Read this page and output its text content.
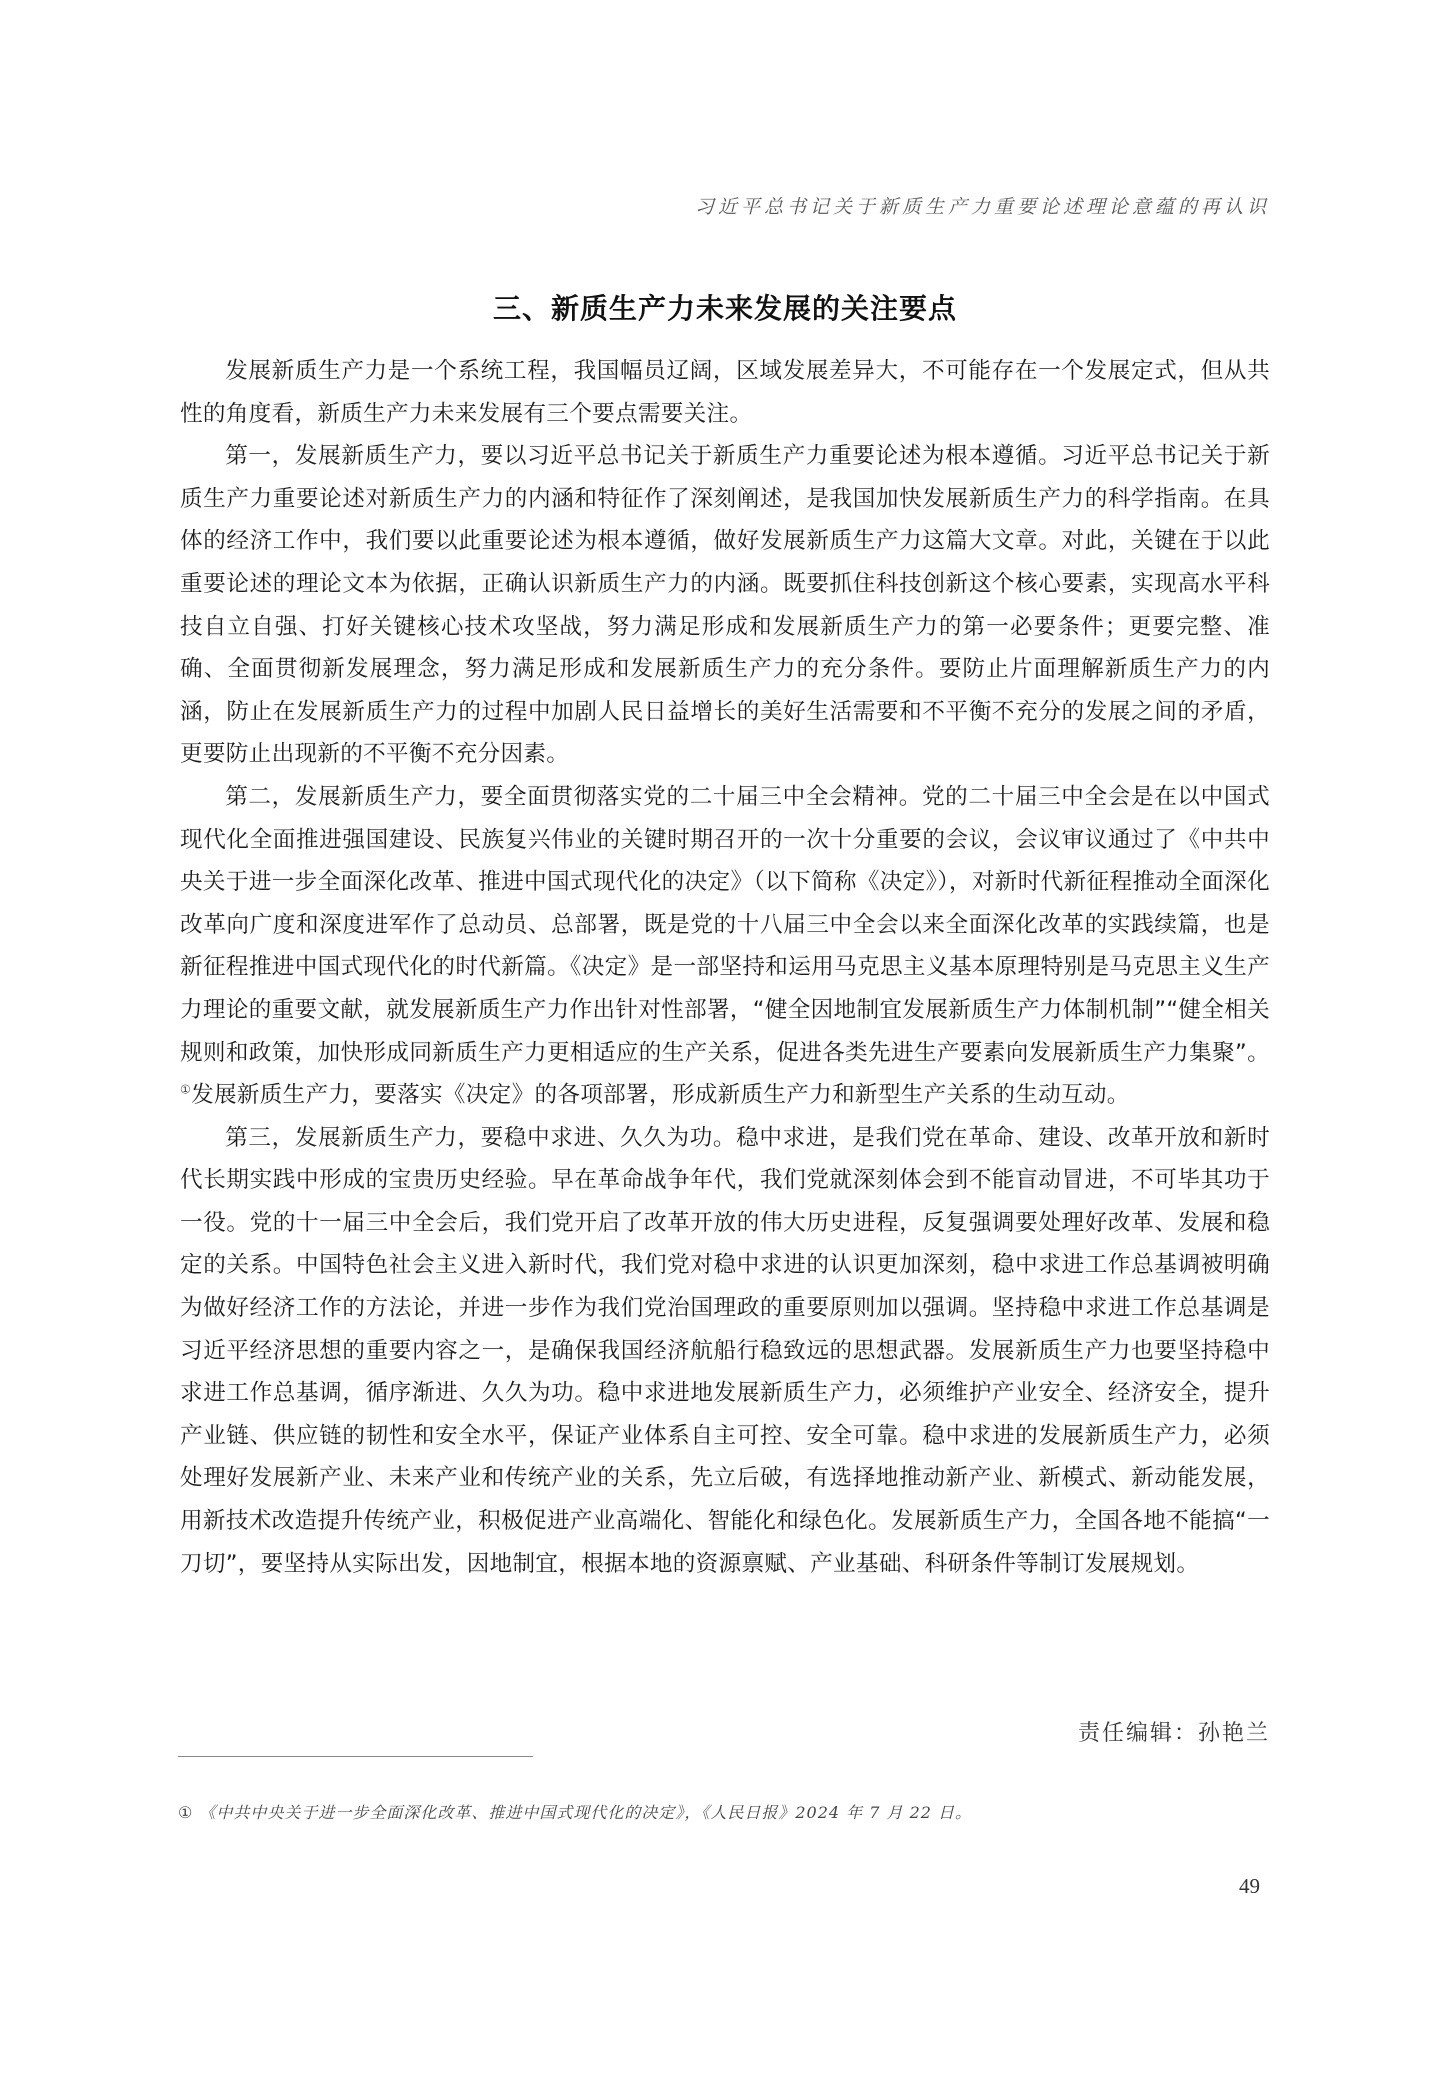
习近平总书记关于新质生产力重要论述理论意蕴的再认识
三、新质生产力未来发展的关注要点

发展新质生产力是一个系统工程，我国幅员辽阔，区域发展差异大，不可能存在一个发展定式，但从共性的角度看，新质生产力未来发展有三个要点需要关注。

第一，发展新质生产力，要以习近平总书记关于新质生产力重要论述为根本遵循。习近平总书记关于新质生产力重要论述对新质生产力的内涵和特征作了深刻阐述，是我国加快发展新质生产力的科学指南。在具体的经济工作中，我们要以此重要论述为根本遵循，做好发展新质生产力这篇大文章。对此，关键在于以此重要论述的理论文本为依据，正确认识新质生产力的内涵。既要抓住科技创新这个核心要素，实现高水平科技自立自强、打好关键核心技术攻坚战，努力满足形成和发展新质生产力的第一必要条件；更要完整、准确、全面贯彻新发展理念，努力满足形成和发展新质生产力的充分条件。要防止片面理解新质生产力的内涵，防止在发展新质生产力的过程中加剧人民日益增长的美好生活需要和不平衡不充分的发展之间的矛盾，更要防止出现新的不平衡不充分因素。

第二，发展新质生产力，要全面贯彻落实党的二十届三中全会精神。党的二十届三中全会是在以中国式现代化全面推进强国建设、民族复兴伟业的关键时期召开的一次十分重要的会议，会议审议通过了《中共中央关于进一步全面深化改革、推进中国式现代化的决定》（以下简称《决定》），对新时代新征程推动全面深化改革向广度和深度进军作了总动员、总部署，既是党的十八届三中全会以来全面深化改革的实践续篇，也是新征程推进中国式现代化的时代新篇。《决定》是一部坚持和运用马克思主义基本原理特别是马克思主义生产力理论的重要文献，就发展新质生产力作出针对性部署，“健全因地制宜发展新质生产力体制机制”“健全相关规则和政策，加快形成同新质生产力更相适应的生产关系，促进各类先进生产要素向发展新质生产力集聚”。①发展新质生产力，要落实《决定》的各项部署，形成新质生产力和新型生产关系的生动互动。

第三，发展新质生产力，要稳中求进、久久为功。稳中求进，是我们党在革命、建设、改革开放和新时代长期实践中形成的宝贵历史经验。早在革命战争年代，我们党就深刻体会到不能盲动冒进，不可毕其功于一役。党的十一届三中全会后，我们党开启了改革开放的伟大历史进程，反复强调要处理好改革、发展和稳定的关系。中国特色社会主义进入新时代，我们党对稳中求进的认识更加深刻，稳中求进工作总基调被明确为做好经济工作的方法论，并进一步作为我们党治国理政的重要原则加以强调。坚持稳中求进工作总基调是习近平经济思想的重要内容之一，是确保我国经济航船行稳致远的思想武器。发展新质生产力也要坚持稳中求进工作总基调，循序渐进、久久为功。稳中求进地发展新质生产力，必须维护产业安全、经济安全，提升产业链、供应链的韧性和安全水平，保证产业体系自主可控、安全可靠。稳中求进的发展新质生产力，必须处理好发展新产业、未来产业和传统产业的关系，先立后破，有选择地推动新产业、新模式、新动能发展，用新技术改造提升传统产业，积极促进产业高端化、智能化和绿色化。发展新质生产力，全国各地不能搞“一刀切”，要坚持从实际出发，因地制宜，根据本地的资源禀赋、产业基础、科研条件等制订发展规划。

责任编辑：孙艳兰
① 《中共中央关于进一步全面深化改革、推进中国式现代化的决定》，《人民日报》2024 年 7 月 22 日。
49
